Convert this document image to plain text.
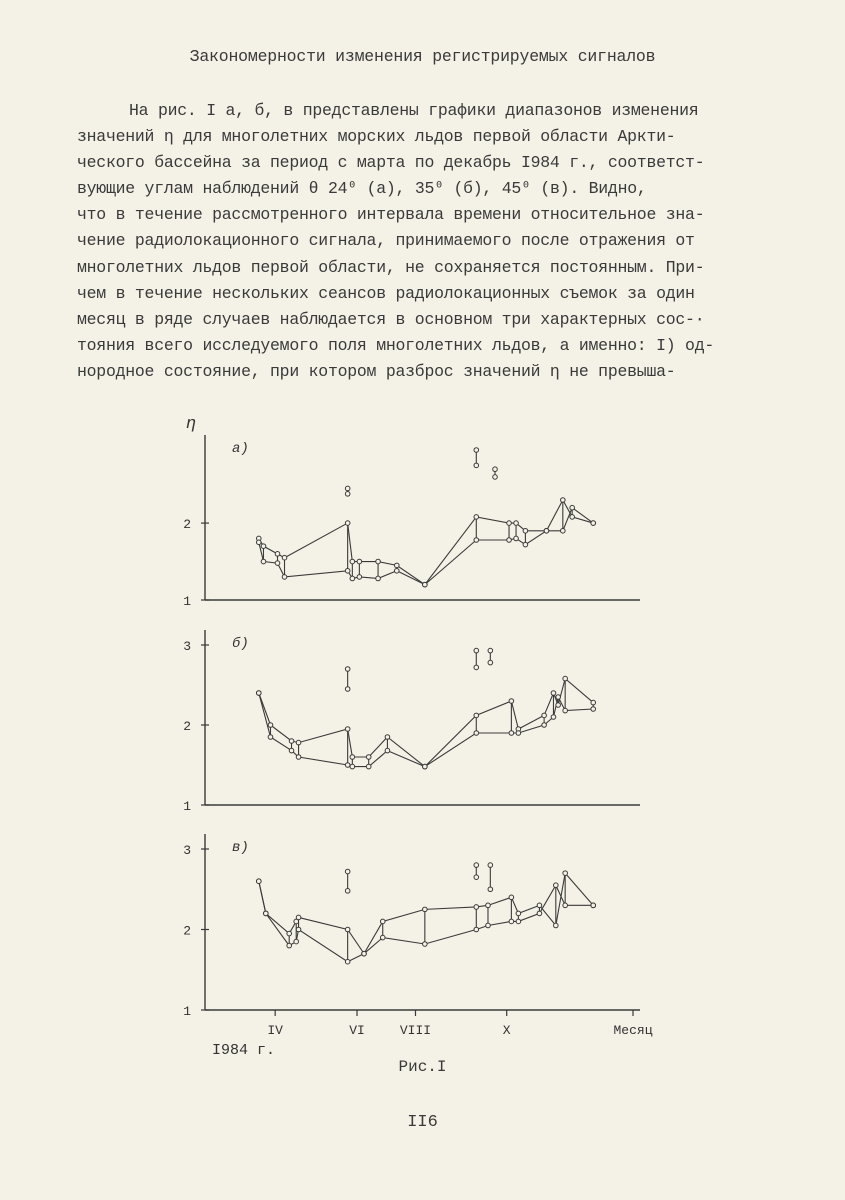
Закономерности изменения регистрируемых сигналов
На рис. I а, б, в представлены графики диапазонов изменения
значений η для многолетних морских льдов первой области Аркти-
ческого бассейна за период с марта по декабрь I984 г., соответст-
вующие углам наблюдений θ 24⁰ (а), 35⁰ (б), 45⁰ (в). Видно,
что в течение рассмотренного интервала времени относительное зна-
чение радиолокационного сигнала, принимаемого после отражения от
многолетних льдов первой области, не сохраняется постоянным. При-
чем в течение нескольких сеансов радиолокационных съемок за один
месяц в ряде случаев наблюдается в основном три характерных сос-·
тояния всего исследуемого поля многолетних льдов, а именно: I) од-
нородное состояние, при котором разброс значений η не превыша-
1
2
η
а)
1
2
3	б)
1
2
3	в)
IV	VI	VIII	X	Месяц
I984 г.
Рис.I
II6
